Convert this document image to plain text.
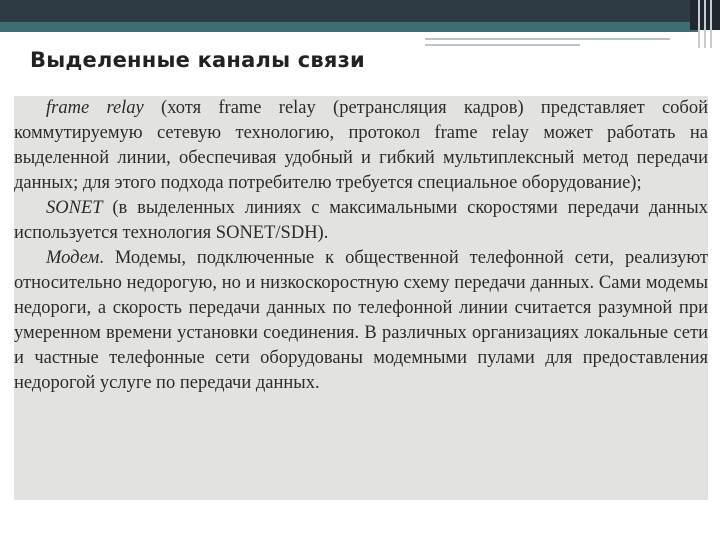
Выделенные каналы связи

frame relay (хотя frame relay (ретрансляция кадров) представляет собой коммутируемую сетевую технологию, протокол frame relay может работать на выделенной линии, обеспечивая удобный и гибкий мультиплексный метод передачи данных; для этого подхода потребителю требуется специальное оборудование);

SONET (в выделенных линиях с максимальными скоростями передачи данных используется технология SONET/SDH).

Модем. Модемы, подключенные к общественной телефонной сети, реализуют относительно недорогую, но и низкоскоростную схему передачи данных. Сами модемы недороги, а скорость передачи данных по телефонной линии считается разумной при умеренном времени установки соединения. В различных организациях локальные сети и частные телефонные сети оборудованы модемными пулами для предоставления недорогой услуге по передачи данных.
